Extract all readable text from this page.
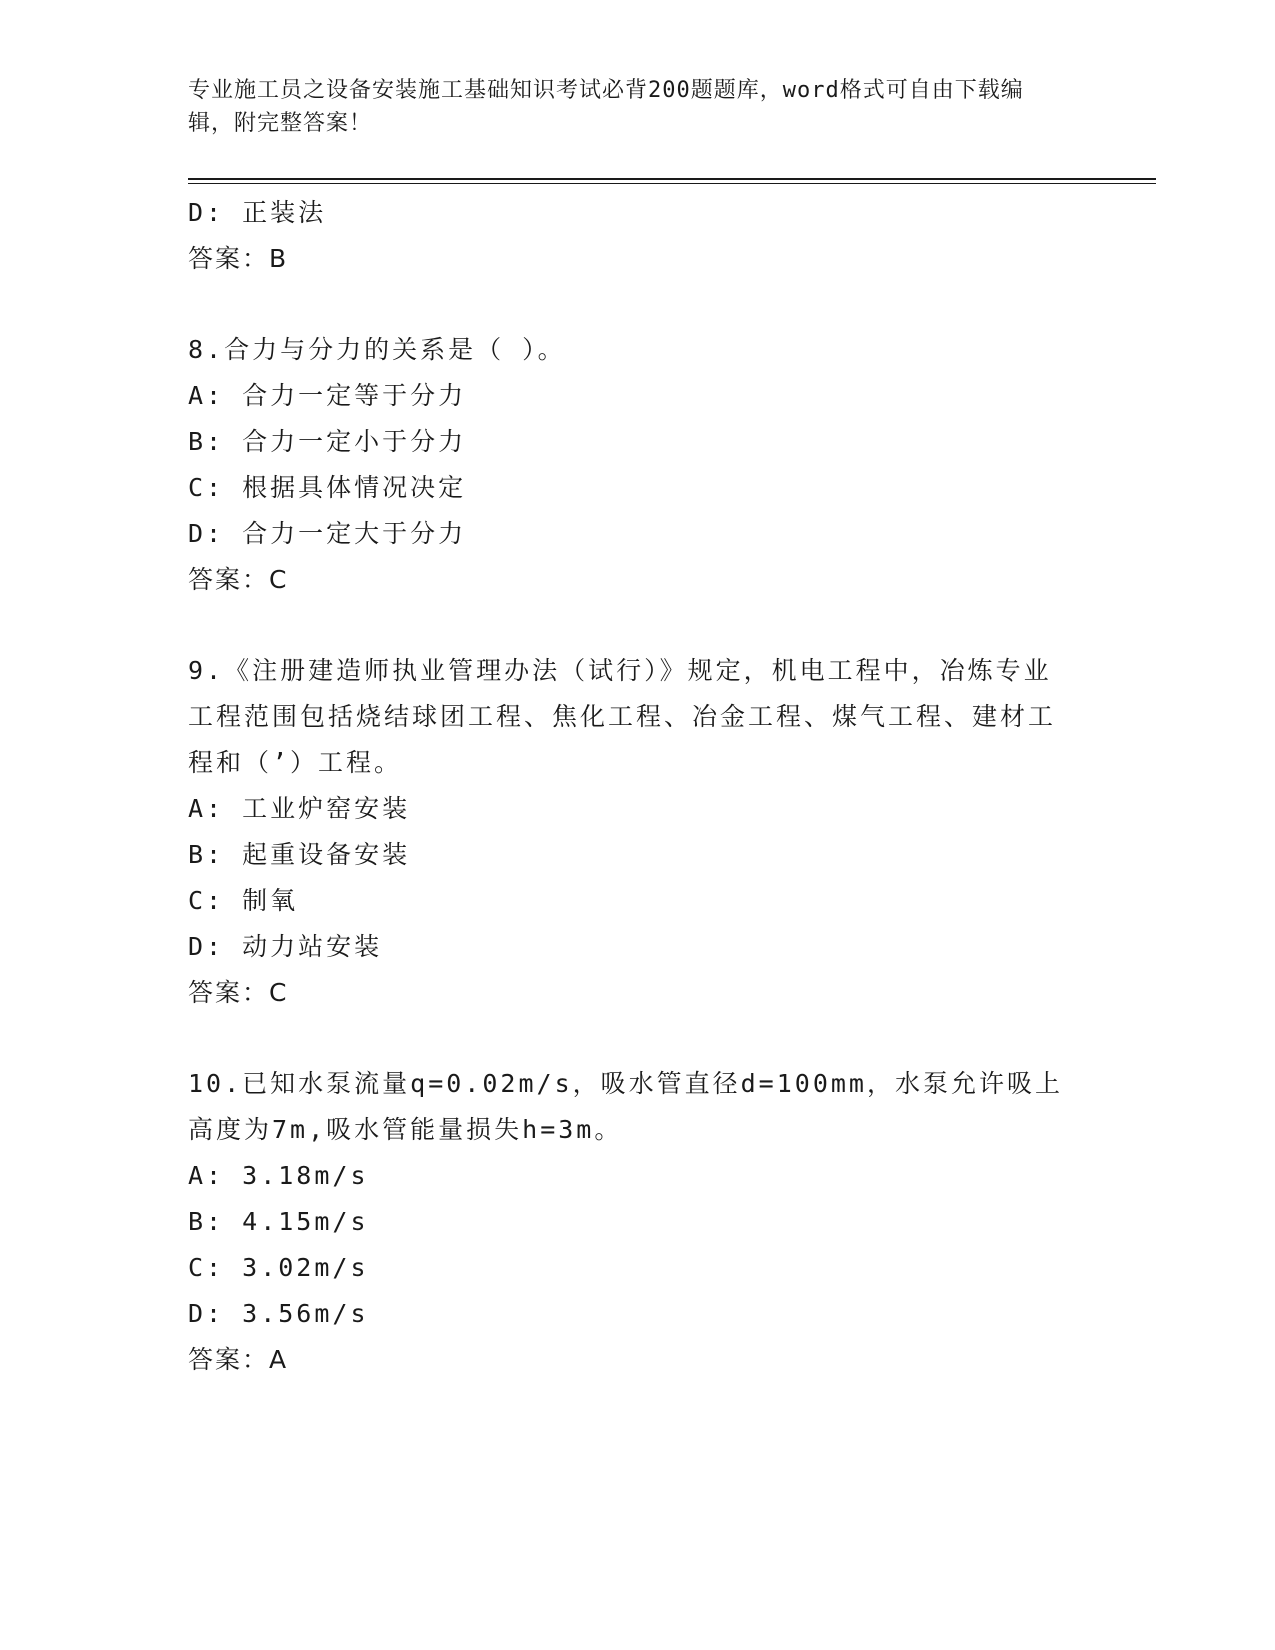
专业施工员之设备安装施工基础知识考试必背200题题库，word格式可自由下载编辑，附完整答案！
D: 正装法
答案：B
8.合力与分力的关系是（ ）。
A: 合力一定等于分力
B: 合力一定小于分力
C: 根据具体情况决定
D: 合力一定大于分力
答案：C
9.《注册建造师执业管理办法（试行）》规定，机电工程中，冶炼专业工程范围包括烧结球团工程、焦化工程、冶金工程、煤气工程、建材工程和（’）工程。
A: 工业炉窑安装
B: 起重设备安装
C: 制氧
D: 动力站安装
答案：C
10.已知水泵流量q=0.02m/s，吸水管直径d=100mm，水泵允许吸上高度为7m,吸水管能量损失h=3m。
A: 3.18m/s
B: 4.15m/s
C: 3.02m/s
D: 3.56m/s
答案：A
